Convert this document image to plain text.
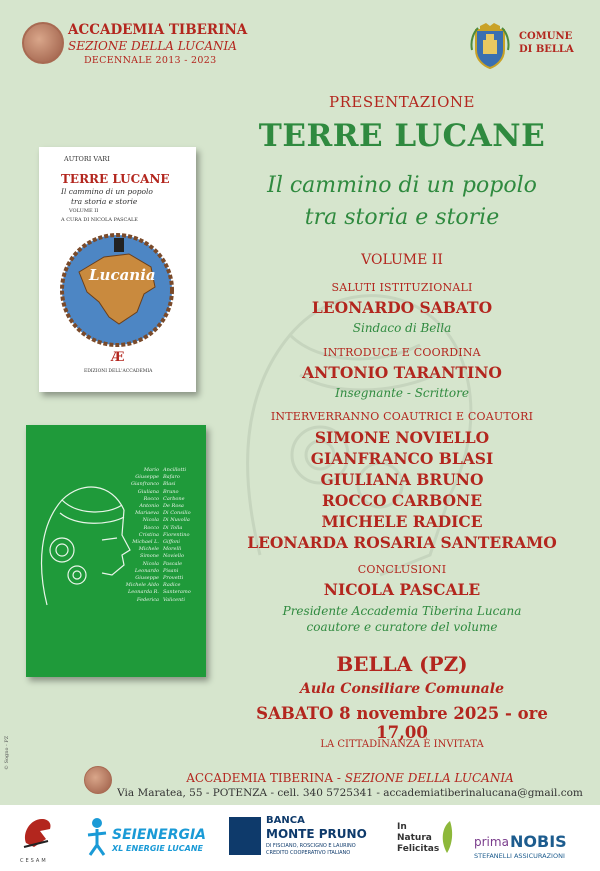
ACCADEMIA TIBERINA
SEZIONE DELLA LUCANIA
DECENNALE 2013 - 2023
COMUNE
DI BELLA
PRESENTAZIONE
TERRE LUCANE
Il cammino di un popolo
tra storia e storie
VOLUME II
SALUTI ISTITUZIONALI
LEONARDO SABATO
Sindaco di Bella
INTRODUCE E COORDINA
ANTONIO TARANTINO
Insegnante - Scrittore
INTERVERRANNO COAUTRICI E COAUTORI
SIMONE NOVIELLO
GIANFRANCO BLASI
GIULIANA BRUNO
ROCCO CARBONE
MICHELE RADICE
LEONARDA ROSARIA SANTERAMO
CONCLUSIONI
NICOLA PASCALE
Presidente Accademia Tiberina Lucana
coautore e curatore del volume
BELLA (PZ)
Aula Consiliare Comunale
SABATO 8 novembre 2025 - ore 17,00
LA CITTADINANZA È INVITATA
AUTORI VARI
TERRE LUCANE
Il cammino di un popolo
tra storia e storie
VOLUME II
A CURA DI NICOLA PASCALE
Lucania
Æ
EDIZIONI DELL'ACCADEMIA
Mario Ancillotti
Giuseppe Bafaro
Gianfranco Blasi
Giuliana Bruno
Rocco Carbone
Antonio De Rosa
Mariaeva Di Consilio
Nicola Di Nuvolla
Rocco Di Tolla
Cristina Fiorentino
Michael L. Giffoni
Michele Morelli
Simone Noviello
Nicola Pascale
Leonardo Pisani
Giuseppe Provetti
Michele Aldo Radice
Leonarda R. Santeramo
Federica Valicenti
© Sogno - PZ
ACCADEMIA TIBERINA - SEZIONE DELLA LUCANIA
Via Maratea, 55 - POTENZA - cell. 340 5725341 - accademiatiberinalucana@gmail.com
CESAM
SEIENERGIA
XL ENERGIE LUCANE
BANCA
MONTE PRUNO
DI FISCIANO, ROSCIGNO E LAURINO
CREDITO COOPERATIVO ITALIANO
In
Natura
Felicitas	prima NOBIS
STEFANELLI ASSICURAZIONI
